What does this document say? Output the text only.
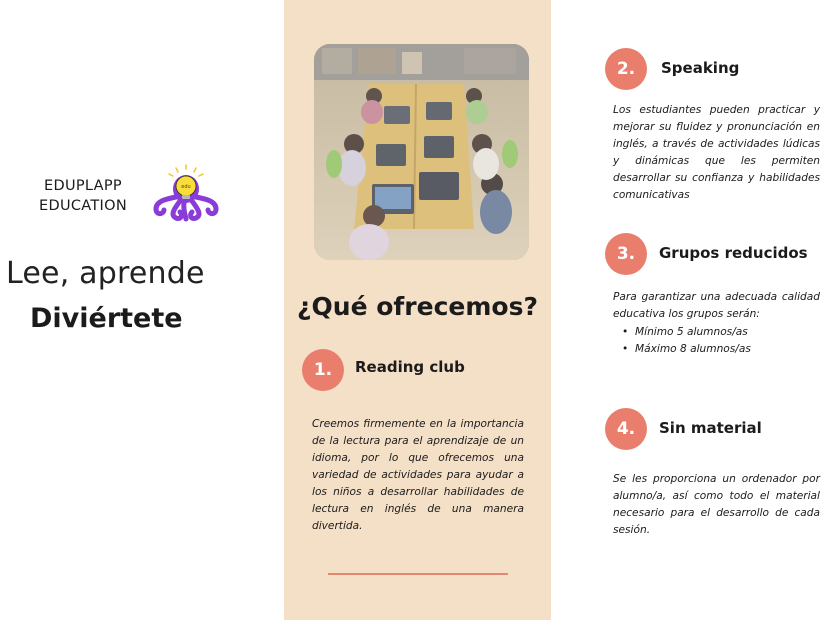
EDUPLAPP
EDUCATION
edu
Lee, aprende
Diviértete	¿Qué ofrecemos?
1.	Reading club
Creemos firmemente en la importancia de la lectura para el aprendizaje de un idioma, por lo que ofrecemos una variedad de actividades para ayudar a los niños a desarrollar habilidades de lectura en inglés de una manera divertida.
2.	Speaking
Los estudiantes pueden practicar y mejorar su fluidez y pronunciación en inglés, a través de actividades lúdicas y dinámicas que les permiten desarrollar su confianza y habilidades comunicativas
3.	Grupos reducidos

Para garantizar una adecuada calidad educativa los grupos serán:

• Mínimo 5 alumnos/as
• Máximo 8 alumnos/as
4.	Sin material
Se les proporciona un ordenador por alumno/a, así como todo el material necesario para el desarrollo de cada sesión.
